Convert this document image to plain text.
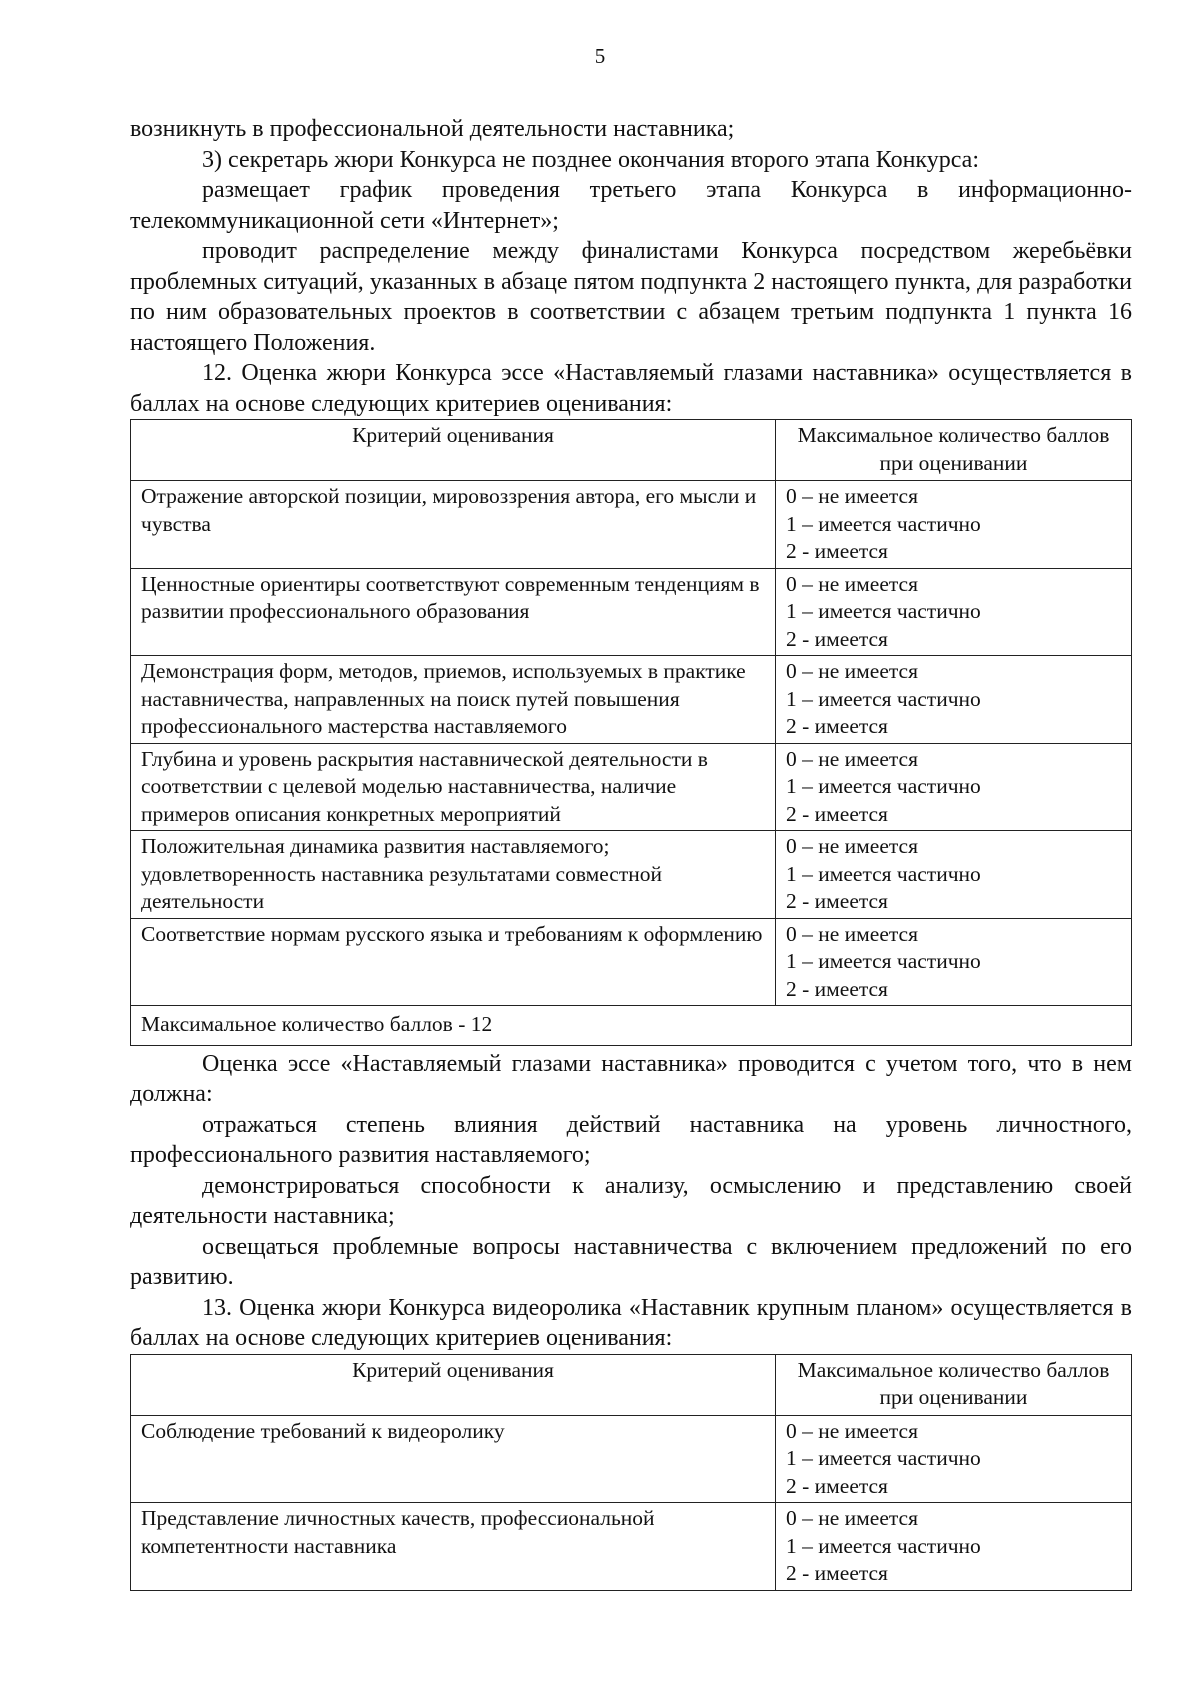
5

возникнуть в профессиональной деятельности наставника;

3) секретарь жюри Конкурса не позднее окончания второго этапа Конкурса:

размещает график проведения третьего этапа Конкурса в информационно-телекоммуникационной сети «Интернет»;

проводит распределение между финалистами Конкурса посредством жеребьёвки проблемных ситуаций, указанных в абзаце пятом подпункта 2 настоящего пункта, для разработки по ним образовательных проектов в соответствии с абзацем третьим подпункта 1 пункта 16 настоящего Положения.

12. Оценка жюри Конкурса эссе «Наставляемый глазами наставника» осуществляется в баллах на основе следующих критериев оценивания:

Критерий оценивания	Максимальное количество баллов при оценивании
Отражение авторской позиции, мировоззрения автора, его мысли и чувства	0 – не имеется
1 – имеется частично
2 - имеется

Ценностные ориентиры соответствуют современным тенденциям в развитии профессионального образования	0 – не имеется
1 – имеется частично
2 - имеется

Демонстрация форм, методов, приемов, используемых в практике наставничества, направленных на поиск путей повышения профессионального мастерства наставляемого	0 – не имеется
1 – имеется частично
2 - имеется

Глубина и уровень раскрытия наставнической деятельности в соответствии с целевой моделью наставничества, наличие примеров описания конкретных мероприятий	0 – не имеется
1 – имеется частично
2 - имеется

Положительная динамика развития наставляемого; удовлетворенность наставника результатами совместной деятельности	0 – не имеется
1 – имеется частично
2 - имеется

Соответствие нормам русского языка и требованиям к оформлению	0 – не имеется
1 – имеется частично
2 - имеется

Максимальное количество баллов - 12	

Оценка эссе «Наставляемый глазами наставника» проводится с учетом того, что в нем должна:

отражаться степень влияния действий наставника на уровень личностного, профессионального развития наставляемого;

демонстрироваться способности к анализу, осмыслению и представлению своей деятельности наставника;

освещаться проблемные вопросы наставничества с включением предложений по его развитию.

13. Оценка жюри Конкурса видеоролика «Наставник крупным планом» осуществляется в баллах на основе следующих критериев оценивания:

Критерий оценивания	Максимальное количество баллов при оценивании
Соблюдение требований к видеоролику	0 – не имеется
1 – имеется частично
2 - имеется

Представление личностных качеств, профессиональной компетентности наставника	0 – не имеется
1 – имеется частично
2 - имеется
